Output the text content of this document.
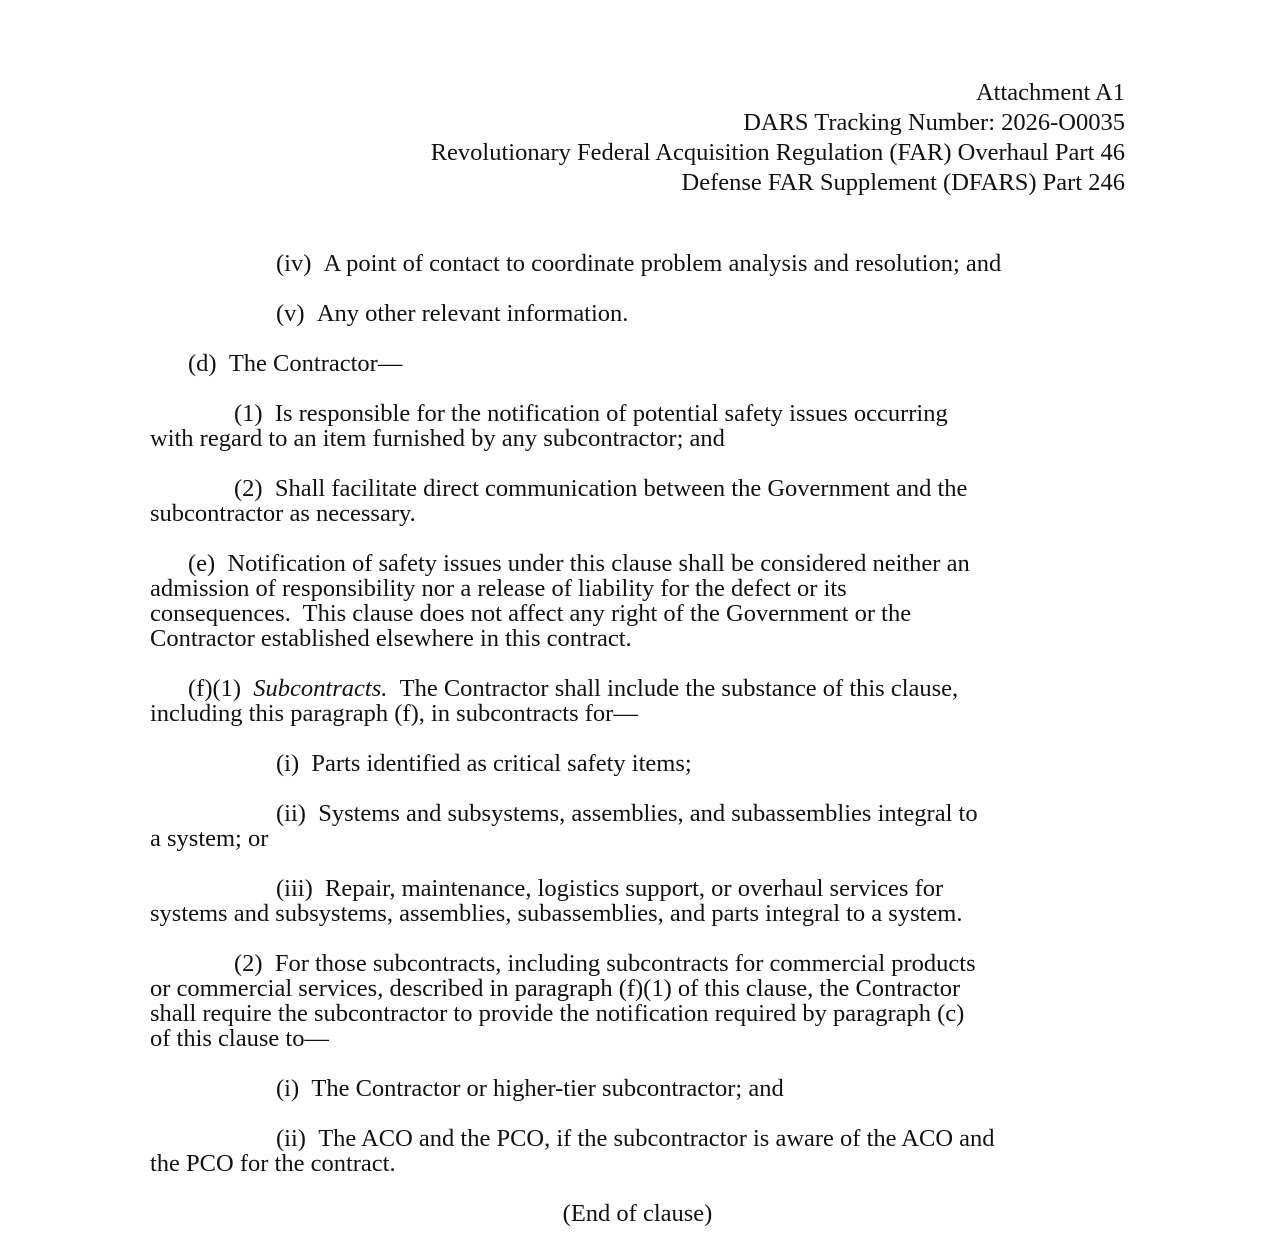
Attachment A1
DARS Tracking Number: 2026-O0035
Revolutionary Federal Acquisition Regulation (FAR) Overhaul Part 46
Defense FAR Supplement (DFARS) Part 246
(iv) A point of contact to coordinate problem analysis and resolution; and
(v) Any other relevant information.
(d) The Contractor—
(1) Is responsible for the notification of potential safety issues occurring
with regard to an item furnished by any subcontractor; and
(2) Shall facilitate direct communication between the Government and the
subcontractor as necessary.
(e) Notification of safety issues under this clause shall be considered neither an
admission of responsibility nor a release of liability for the defect or its
consequences.  This clause does not affect any right of the Government or the
Contractor established elsewhere in this contract.
(f)(1) Subcontracts. The Contractor shall include the substance of this clause,
including this paragraph (f), in subcontracts for—
(i) Parts identified as critical safety items;
(ii) Systems and subsystems, assemblies, and subassemblies integral to
a system; or
(iii) Repair, maintenance, logistics support, or overhaul services for
systems and subsystems, assemblies, subassemblies, and parts integral to a system.
(2) For those subcontracts, including subcontracts for commercial products
or commercial services, described in paragraph (f)(1) of this clause, the Contractor
shall require the subcontractor to provide the notification required by paragraph (c)
of this clause to—
(i) The Contractor or higher-tier subcontractor; and
(ii) The ACO and the PCO, if the subcontractor is aware of the ACO and
the PCO for the contract.
(End of clause)
